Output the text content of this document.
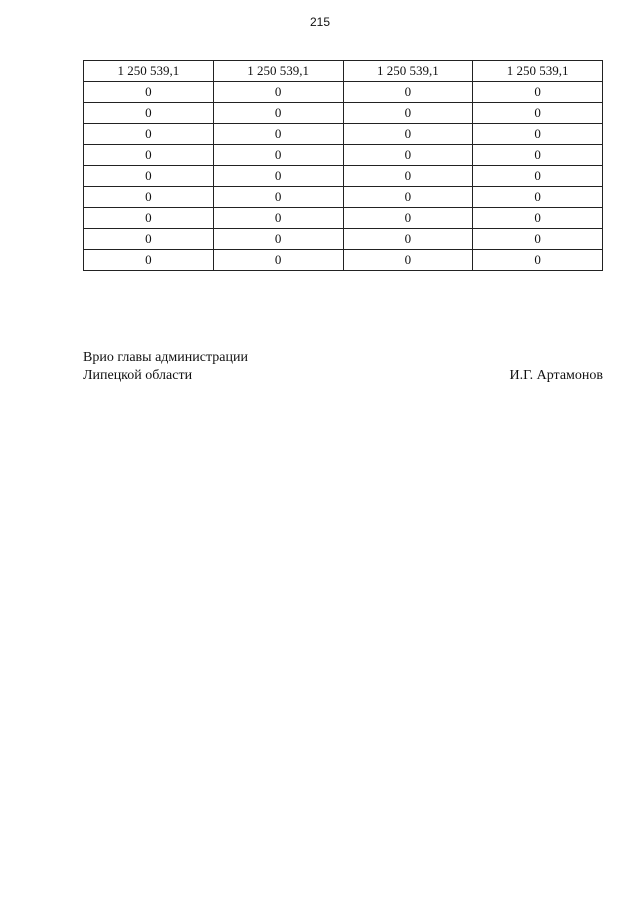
215
1 250 539,1	1 250 539,1	1 250 539,1	1 250 539,1
0	0	0	0
0	0	0	0
0	0	0	0
0	0	0	0
0	0	0	0
0	0	0	0
0	0	0	0
0	0	0	0
0	0	0	0
Врио главы администрации
Липецкой области	И.Г. Артамонов
